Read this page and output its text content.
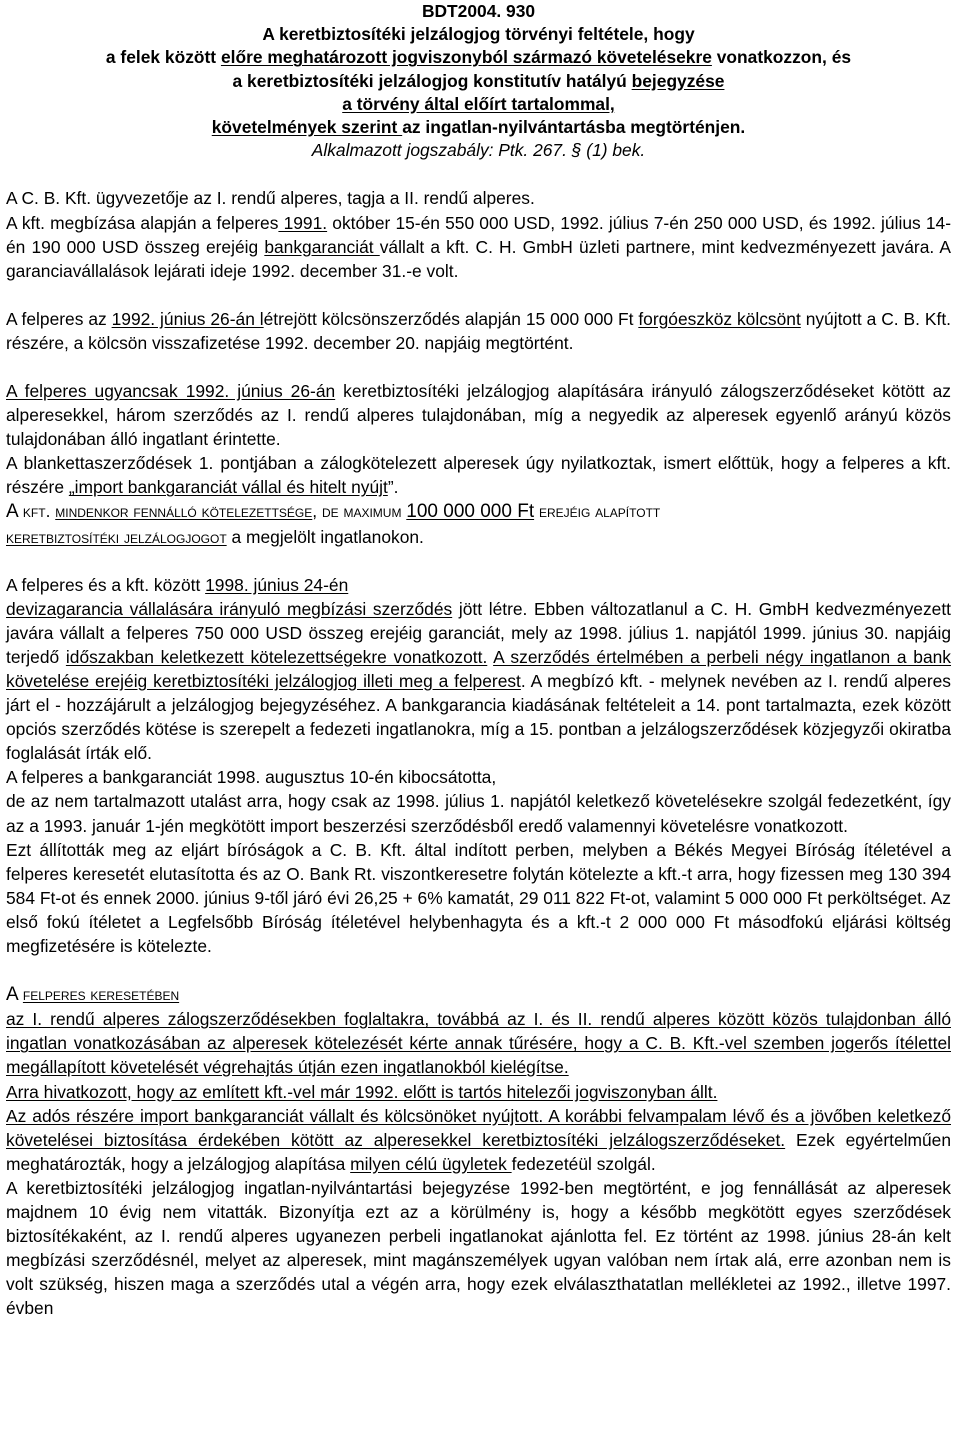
BDT2004. 930
A keretbiztosítéki jelzálogjog törvényi feltétele, hogy
a felek között előre meghatározott jogviszonyból származó követelésekre vonatkozzon, és
a keretbiztosítéki jelzálogjog konstitutív hatályú bejegyzése
a törvény által előírt tartalommal,
követelmények szerint az ingatlan-nyilvántartásba megtörténjen.
Alkalmazott jogszabály: Ptk. 267. § (1) bek.
A C. B. Kft. ügyvezetője az I. rendű alperes, tagja a II. rendű alperes.
A kft. megbízása alapján a felperes 1991. október 15-én 550 000 USD, 1992. július 7-én 250 000 USD, és 1992. július 14-én 190 000 USD összeg erejéig bankgaranciát vállalt a kft. C. H. GmbH üzleti partnere, mint kedvezményezett javára. A garanciavállalások lejárati ideje 1992. december 31.-e volt.
A felperes az 1992. június 26-án létrejött kölcsönszerződés alapján 15 000 000 Ft forgóeszköz kölcsönt nyújtott a C. B. Kft. részére, a kölcsön visszafizetése 1992. december 20. napjáig megtörtént.
A felperes ugyancsak 1992. június 26-án keretbiztosítéki jelzálogjog alapítására irányuló zálogszerződéseket kötött az alperesekkel, három szerződés az I. rendű alperes tulajdonában, míg a negyedik az alperesek egyenlő arányú közös tulajdonában álló ingatlant érintette.
A blankettaszerződések 1. pontjában a zálogkötelezett alperesek úgy nyilatkoztak, ismert előttük, hogy a felperes a kft. részére „import bankgaranciát vállal és hitelt nyújt”.
A kft. mindenkor fennálló kötelezettsége, de maximum 100 000 000 Ft erejéig alapított
keretbiztosítéki jelzálogjogot a megjelölt ingatlanokon.
A felperes és a kft. között 1998. június 24-én
devizagarancia vállalására irányuló megbízási szerződés jött létre. Ebben változatlanul a C. H. GmbH kedvezményezett javára vállalt a felperes 750 000 USD összeg erejéig garanciát, mely az 1998. július 1. napjától 1999. június 30. napjáig terjedő időszakban keletkezett kötelezettségekre vonatkozott. A szerződés értelmében a perbeli négy ingatlanon a bank követelése erejéig keretbiztosítéki jelzálogjog illeti meg a felperest. A megbízó kft. - melynek nevében az I. rendű alperes járt el - hozzájárult a jelzálogjog bejegyzéséhez. A bankgarancia kiadásának feltételeit a 14. pont tartalmazta, ezek között opciós szerződés kötése is szerepelt a fedezeti ingatlanokra, míg a 15. pontban a jelzálogszerződések közjegyzői okiratba foglalását írták elő.
A felperes a bankgaranciát 1998. augusztus 10-én kibocsátotta,
de az nem tartalmazott utalást arra, hogy csak az 1998. július 1. napjától keletkező követelésekre szolgál fedezetként, így az a 1993. január 1-jén megkötött import beszerzési szerződésből eredő valamennyi követelésre vonatkozott.
Ezt állították meg az eljárt bíróságok a C. B. Kft. által indított perben, melyben a Békés Megyei Bíróság ítéletével a felperes keresetét elutasította és az O. Bank Rt. viszontkeresetre folytán kötelezte a kft.-t arra, hogy fizessen meg 130 394 584 Ft-ot és ennek 2000. június 9-től járó évi 26,25 + 6% kamatát, 29 011 822 Ft-ot, valamint 5 000 000 Ft perköltséget. Az első fokú ítéletet a Legfelsőbb Bíróság ítéletével helybenhagyta és a kft.-t 2 000 000 Ft másodfokú eljárási költség megfizetésére is kötelezte.
A felperes keresetében
az I. rendű alperes zálogszerződésekben foglaltakra, továbbá az I. és II. rendű alperes között közös tulajdonban álló ingatlan vonatkozásában az alperesek kötelezését kérte annak tűrésére, hogy a C. B. Kft.-vel szemben jogerős ítélettel megállapított követelését végrehajtás útján ezen ingatlanokból kielégítse.
Arra hivatkozott, hogy az említett kft.-vel már 1992. előtt is tartós hitelezői jogviszonyban állt.
Az adós részére import bankgaranciát vállalt és kölcsönöket nyújtott. A korábbi felvampalam lévő és a jövőben keletkező követelései biztosítása érdekében kötött az alperesekkel keretbiztosítéki jelzálogszerződéseket. Ezek egyértelműen meghatározták, hogy a jelzálogjog alapítása milyen célú ügyletek fedezetéül szolgál.
A keretbiztosítéki jelzálogjog ingatlan-nyilvántartási bejegyzése 1992-ben megtörtént, e jog fennállását az alperesek majdnem 10 évig nem vitatták. Bizonyítja ezt az a körülmény is, hogy a később megkötött egyes szerződések biztosítékaként, az I. rendű alperes ugyanezen perbeli ingatlanokat ajánlotta fel. Ez történt az 1998. június 28-án kelt megbízási szerződésnél, melyet az alperesek, mint magánszemélyek ugyan valóban nem írtak alá, erre azonban nem is volt szükség, hiszen maga a szerződés utal a végén arra, hogy ezek elválaszthatatlan mellékletei az 1992., illetve 1997. évben
